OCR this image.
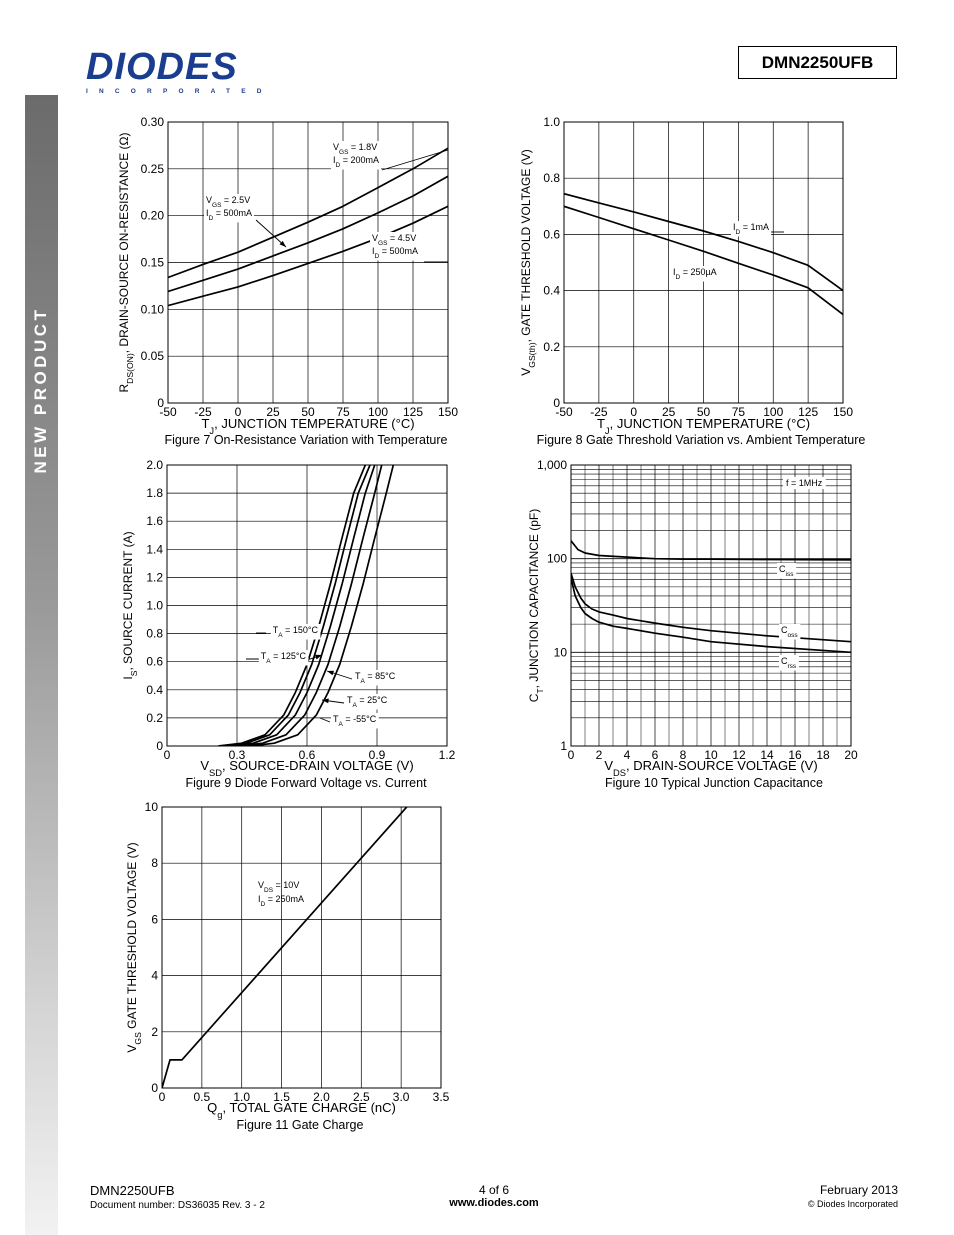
NEW PRODUCT
DIODES
INCORPORATED
DMN2250UFB
-50 -25 0 25 50 75 100 125 150
0
0.05
0.10
0.15
0.20
0.25
0.30
$V_{GS} = 1.8V$
$I_D = 200mA$
$V_{GS} = 2.5V$
$I_D = 500mA$
$V_{GS} = 4.5V$
$I_D = 500mA$
$T_J$, JUNCTION TEMPERATURE (°C)
$R_{DS(ON)}$, DRAIN-SOURCE ON-RESISTANCE (Ω)
Figure 7 On-Resistance Variation with Temperature
-50 -25 0 25 50 75 100 125 150
0
0.2
0.4
0.6
0.8
1.0
$I_D = 1mA$
$I_D = 250\mu A$
$T_J$, JUNCTION TEMPERATURE (°C)
$V_{GS(th)}$, GATE THRESHOLD VOLTAGE (V)
Figure 8 Gate Threshold Variation vs. Ambient Temperature
0	0.3	0.6	0.9	1.2
0
0.2
0.4
0.6
0.8
1.0
1.2
1.4
1.6
1.8
2.0
$T_A = 150^\circ C$
$T_A = 125^\circ C$
$T_A = 85^\circ C$
$T_A = 25^\circ C$
$T_A = -55^\circ C$
$V_{SD}$, SOURCE-DRAIN VOLTAGE (V)
$I_S$, SOURCE CURRENT (A)
Figure 9 Diode Forward Voltage vs. Current
0 2 4 6 8 10 12 14 16 18 20
1
10
100
1,000
$C_{iss}$
$C_{oss}$
$C_{rss}$
f = 1MHz
$V_{DS}$, DRAIN-SOURCE VOLTAGE (V)
$C_T$, JUNCTION CAPACITANCE (pF)
Figure 10 Typical Junction Capacitance
0 0.5 1.0 1.5 2.0 2.5 3.0 3.5
0
2
4
6
8
10
$V_{DS} = 10V$
$I_D = 250mA$
$Q_g$, TOTAL GATE CHARGE (nC)
$V_{GS}$ GATE THRESHOLD VOLTAGE (V)
Figure 11 Gate Charge
DMN2250UFB
Document number: DS36035 Rev. 3 - 2
4 of 6
www.diodes.com
February 2013
© Diodes Incorporated
